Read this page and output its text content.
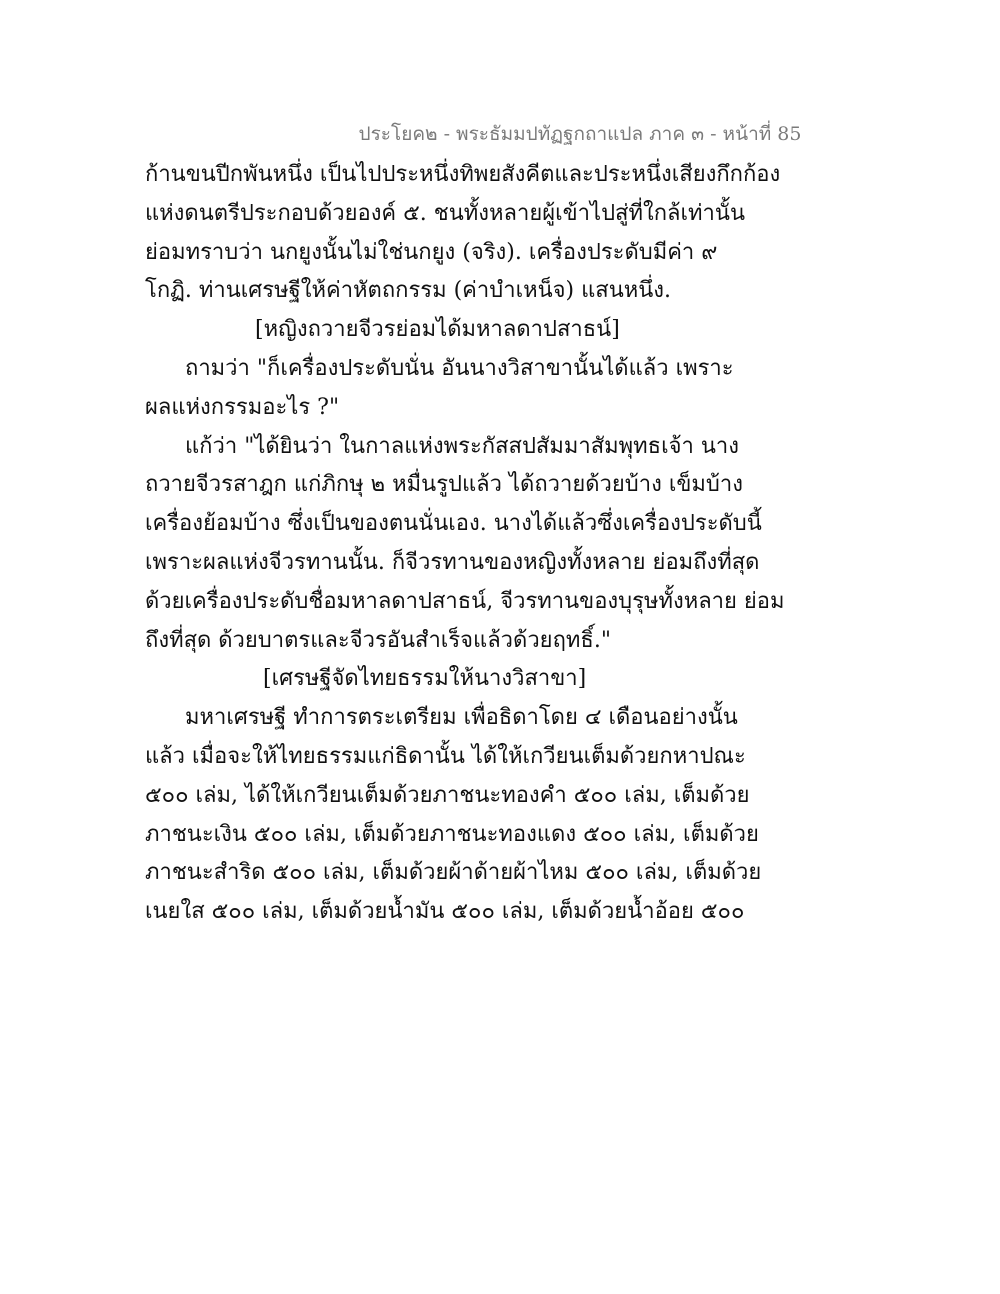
ประโยค๒ - พระธัมมปทัฏฐกถาแปล ภาค ๓ - หน้าที่ 85
ก้านขนปีกพันหนึ่ง เป็นไปประหนึ่งทิพยสังคีตและประหนึ่งเสียงกึกก้อง
แห่งดนตรีประกอบด้วยองค์ ๕. ชนทั้งหลายผู้เข้าไปสู่ที่ใกล้เท่านั้น
ย่อมทราบว่า นกยูงนั้นไม่ใช่นกยูง (จริง). เครื่องประดับมีค่า ๙
โกฏิ. ท่านเศรษฐีให้ค่าหัตถกรรม (ค่าบำเหน็จ) แสนหนึ่ง.
[หญิงถวายจีวรย่อมได้มหาลดาปสาธน์]
ถามว่า "ก็เครื่องประดับนั่น อันนางวิสาขานั้นได้แล้ว เพราะ
ผลแห่งกรรมอะไร ?"
แก้ว่า "ได้ยินว่า ในกาลแห่งพระกัสสปสัมมาสัมพุทธเจ้า นาง
ถวายจีวรสาฎก แก่ภิกษุ ๒ หมื่นรูปแล้ว ได้ถวายด้วยบ้าง เข็มบ้าง
เครื่องย้อมบ้าง ซึ่งเป็นของตนนั่นเอง. นางได้แล้วซึ่งเครื่องประดับนี้
เพราะผลแห่งจีวรทานนั้น. ก็จีวรทานของหญิงทั้งหลาย ย่อมถึงที่สุด
ด้วยเครื่องประดับชื่อมหาลดาปสาธน์, จีวรทานของบุรุษทั้งหลาย ย่อม
ถึงที่สุด ด้วยบาตรและจีวรอันสำเร็จแล้วด้วยฤทธิ์."
[เศรษฐีจัดไทยธรรมให้นางวิสาขา]
มหาเศรษฐี ทำการตระเตรียม เพื่อธิดาโดย ๔ เดือนอย่างนั้น
แล้ว เมื่อจะให้ไทยธรรมแก่ธิดานั้น ได้ให้เกวียนเต็มด้วยกหาปณะ
๕๐๐ เล่ม, ได้ให้เกวียนเต็มด้วยภาชนะทองคำ ๕๐๐ เล่ม, เต็มด้วย
ภาชนะเงิน ๕๐๐ เล่ม, เต็มด้วยภาชนะทองแดง ๕๐๐ เล่ม, เต็มด้วย
ภาชนะสำริด ๕๐๐ เล่ม, เต็มด้วยผ้าด้ายผ้าไหม ๕๐๐ เล่ม, เต็มด้วย
เนยใส ๕๐๐ เล่ม, เต็มด้วยน้ำมัน ๕๐๐ เล่ม, เต็มด้วยน้ำอ้อย ๕๐๐
